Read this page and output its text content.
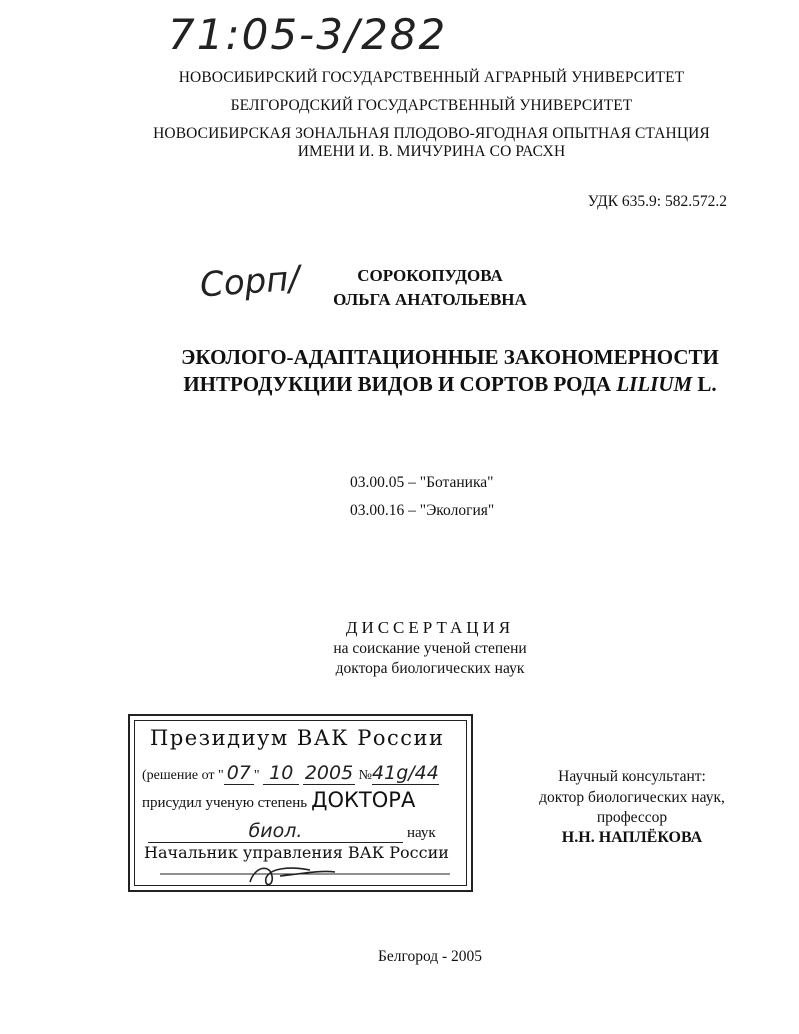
71:05-3/282
НОВОСИБИРСКИЙ ГОСУДАРСТВЕННЫЙ АГРАРНЫЙ УНИВЕРСИТЕТ
БЕЛГОРОДСКИЙ ГОСУДАРСТВЕННЫЙ УНИВЕРСИТЕТ
НОВОСИБИРСКАЯ ЗОНАЛЬНАЯ ПЛОДОВО-ЯГОДНАЯ ОПЫТНАЯ СТАНЦИЯ
ИМЕНИ И. В. МИЧУРИНА СО РАСХН
УДК 635.9: 582.572.2
Сорп/	СОРОКОПУДОВА
ОЛЬГА АНАТОЛЬЕВНА
ЭКОЛОГО-АДАПТАЦИОННЫЕ ЗАКОНОМЕРНОСТИ
ИНТРОДУКЦИИ ВИДОВ И СОРТОВ РОДА LILIUM L.
03.00.05 – "Ботаника"
03.00.16 – "Экология"
ДИССЕРТАЦИЯ
на соискание ученой степени
доктора биологических наук
Президиум ВАК России
(решение от " 07 " 10 2005 №41g/44
присудил ученую степень ДОКТОРА
биол.	наук
Начальник управления ВАК России
Научный консультант:
доктор биологических наук,
профессор
Н.Н. НАПЛЁКОВА
Белгород - 2005
